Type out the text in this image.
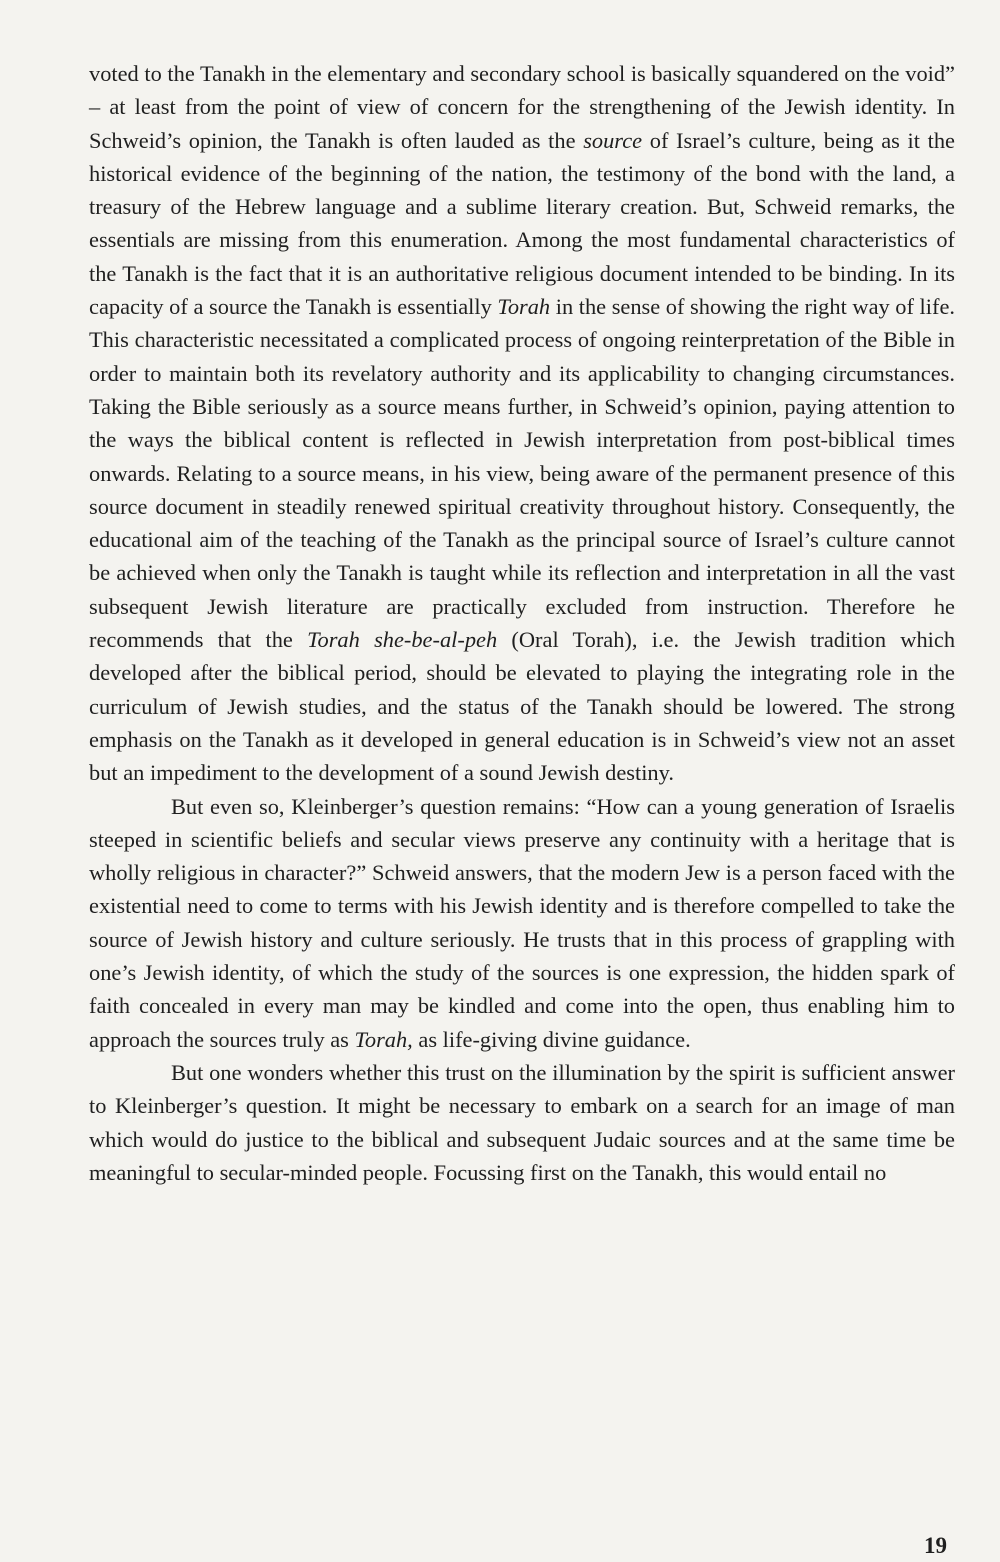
voted to the Tanakh in the elementary and secondary school is basically squandered on the void” – at least from the point of view of concern for the strengthening of the Jewish identity. In Schweid’s opinion, the Tanakh is often lauded as the source of Israel’s culture, being as it the historical evidence of the beginning of the nation, the testimony of the bond with the land, a treasury of the Hebrew language and a sublime literary creation. But, Schweid remarks, the essentials are missing from this enumeration. Among the most fundamental characteristics of the Tanakh is the fact that it is an authoritative religious document intended to be binding. In its capacity of a source the Tanakh is essentially Torah in the sense of showing the right way of life. This characteristic necessitated a complicated process of ongoing reinterpretation of the Bible in order to maintain both its revelatory authority and its applicability to changing circumstances. Taking the Bible seriously as a source means further, in Schweid’s opinion, paying attention to the ways the biblical content is reflected in Jewish interpretation from post-biblical times onwards. Relating to a source means, in his view, being aware of the permanent presence of this source document in steadily renewed spiritual creativity throughout history. Consequently, the educational aim of the teaching of the Tanakh as the principal source of Israel’s culture cannot be achieved when only the Tanakh is taught while its reflection and interpretation in all the vast subsequent Jewish literature are practically excluded from instruction. Therefore he recommends that the Torah she-be-al-peh (Oral Torah), i.e. the Jewish tradition which developed after the biblical period, should be elevated to playing the integrating role in the curriculum of Jewish studies, and the status of the Tanakh should be lowered. The strong emphasis on the Tanakh as it developed in general education is in Schweid’s view not an asset but an impediment to the development of a sound Jewish destiny.

But even so, Kleinberger’s question remains: “How can a young generation of Israelis steeped in scientific beliefs and secular views preserve any continuity with a heritage that is wholly religious in character?” Schweid answers, that the modern Jew is a person faced with the existential need to come to terms with his Jewish identity and is therefore compelled to take the source of Jewish history and culture seriously. He trusts that in this process of grappling with one’s Jewish identity, of which the study of the sources is one expression, the hidden spark of faith concealed in every man may be kindled and come into the open, thus enabling him to approach the sources truly as Torah, as life-giving divine guidance.

But one wonders whether this trust on the illumination by the spirit is sufficient answer to Kleinberger’s question. It might be necessary to embark on a search for an image of man which would do justice to the biblical and subsequent Judaic sources and at the same time be meaningful to secular-minded people. Focussing first on the Tanakh, this would entail no

19
